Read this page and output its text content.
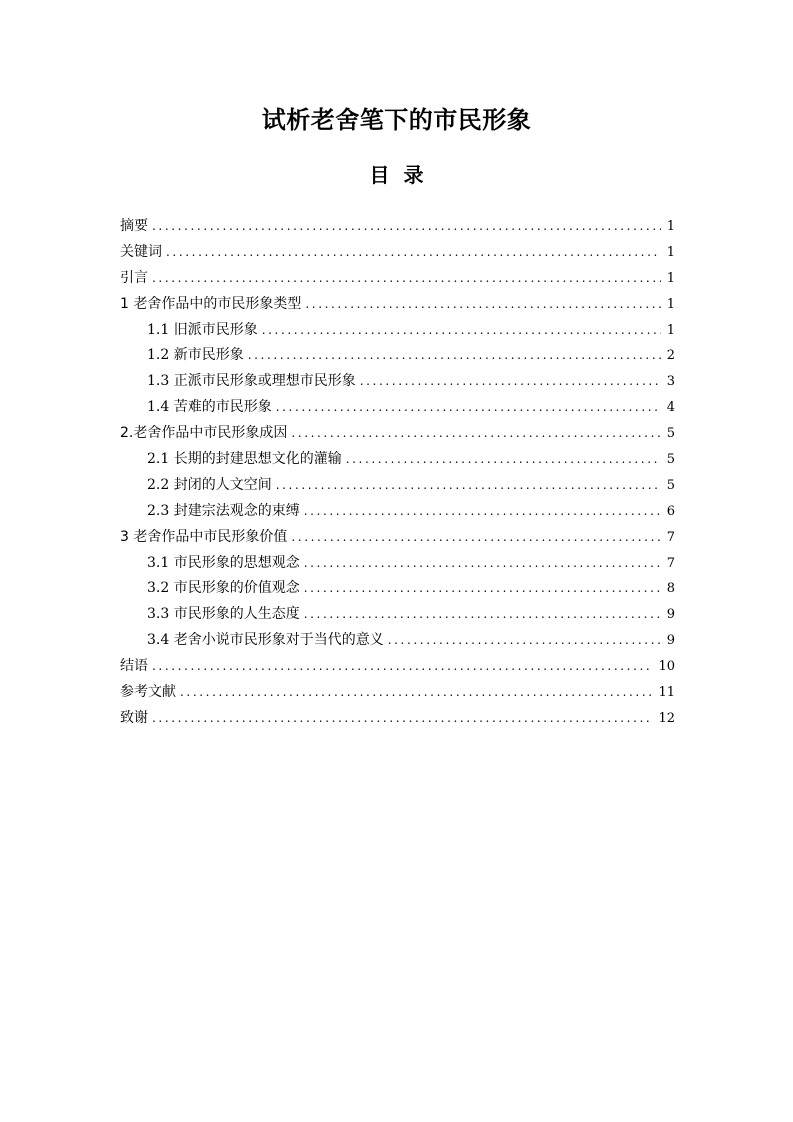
试析老舍笔下的市民形象
目  录
摘要 .....	1
关键词 .....	1
引言 .....	1
1 老舍作品中的市民形象类型 .....	1
1.1 旧派市民形象 .....	1
1.2 新市民形象 .....	2
1.3 正派市民形象或理想市民形象 .....	3
1.4 苦难的市民形象 .....	4
2.老舍作品中市民形象成因 .....	5
2.1 长期的封建思想文化的灌输 .....	5
2.2 封闭的人文空间 .....	5
2.3 封建宗法观念的束缚 .....	6
3 老舍作品中市民形象价值 .....	7
3.1 市民形象的思想观念 .....	7
3.2 市民形象的价值观念 .....	8
3.3 市民形象的人生态度 .....	9
3.4 老舍小说市民形象对于当代的意义 .....	9
结语 .....	10
参考文献 .....	11
致谢 .....	12
